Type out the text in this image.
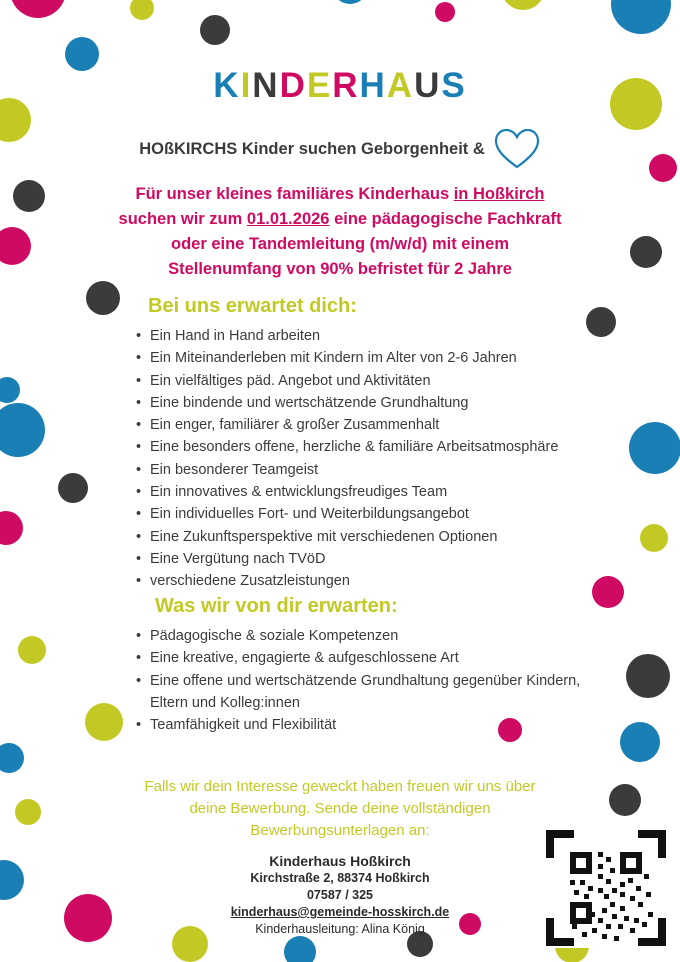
KINDERHAUS
HOßKIRCHS Kinder suchen Geborgenheit &
Für unser kleines familiäres Kinderhaus in Hoßkirch
suchen wir zum 01.01.2026 eine pädagogische Fachkraft
oder eine Tandemleitung (m/w/d) mit einem
Stellenumfang von 90% befristet für 2 Jahre
Bei uns erwartet dich:
• Ein Hand in Hand arbeiten
• Ein Miteinanderleben mit Kindern im Alter von 2-6 Jahren
• Ein vielfältiges päd. Angebot und Aktivitäten
• Eine bindende und wertschätzende Grundhaltung
• Ein enger, familiärer & großer Zusammenhalt
• Eine besonders offene, herzliche & familiäre Arbeitsatmosphäre
• Ein besonderer Teamgeist
• Ein innovatives & entwicklungsfreudiges Team
• Ein individuelles Fort- und Weiterbildungsangebot
• Eine Zukunftsperspektive mit verschiedenen Optionen
• Eine Vergütung nach TVöD
• verschiedene Zusatzleistungen
Was wir von dir erwarten:
• Pädagogische & soziale Kompetenzen
• Eine kreative, engagierte & aufgeschlossene Art
• Eine offene und wertschätzende Grundhaltung gegenüber Kindern, Eltern und Kolleg:innen
• Teamfähigkeit und Flexibilität
Falls wir dein Interesse geweckt haben freuen wir uns über
deine Bewerbung. Sende deine vollständigen
Bewerbungsunterlagen an:
Kinderhaus Hoßkirch
Kirchstraße 2, 88374 Hoßkirch
07587 / 325
kinderhaus@gemeinde-hosskirch.de
Kinderhausleitung: Alina König
